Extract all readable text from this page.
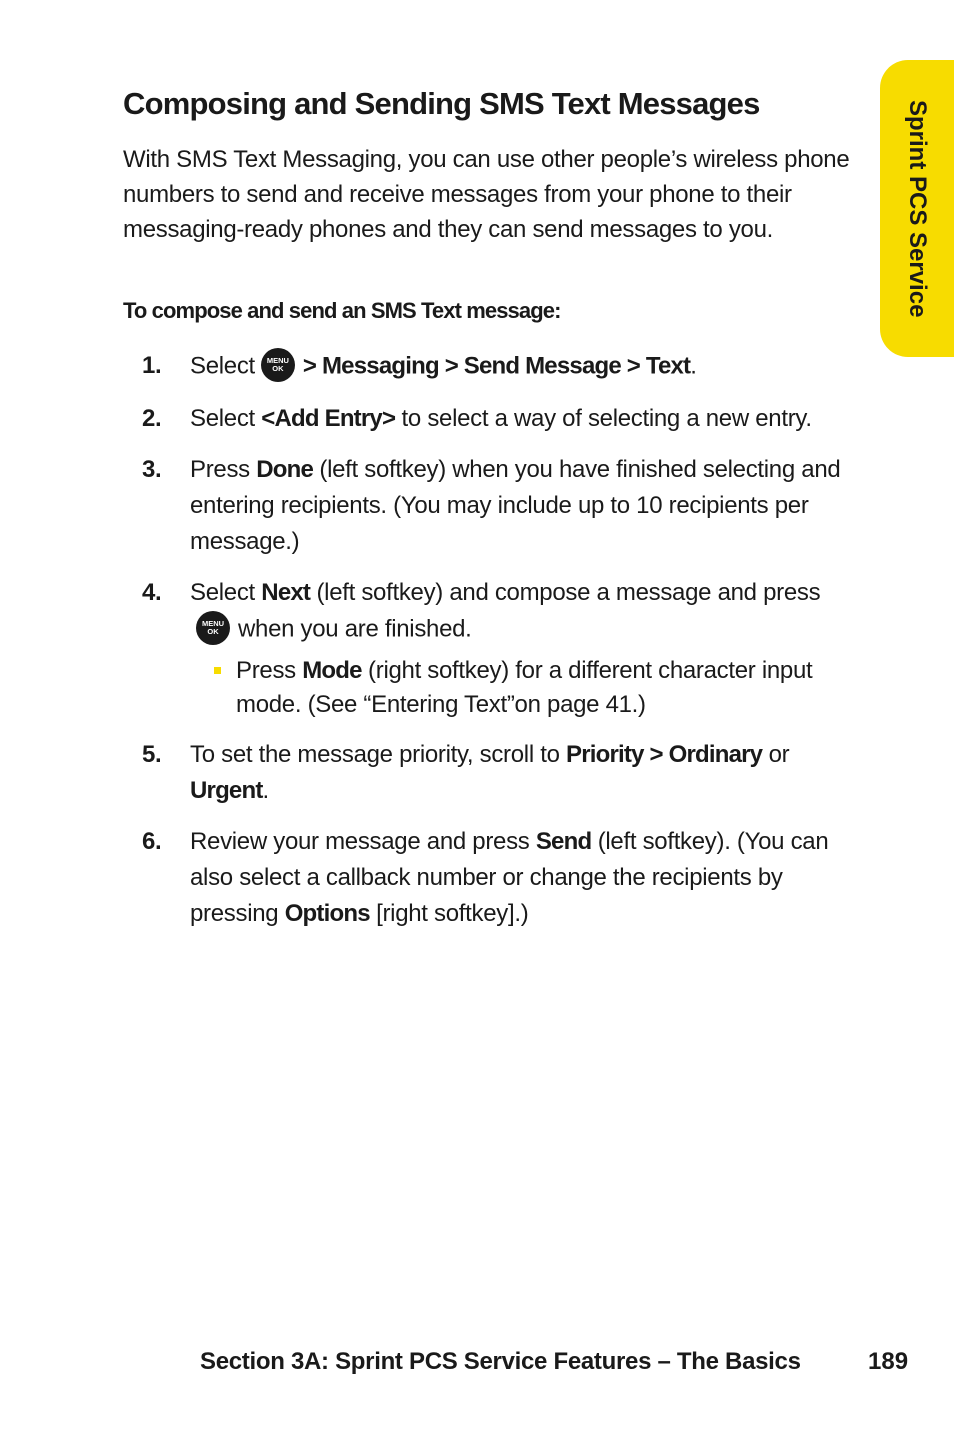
Sprint PCS Service
Composing and Sending SMS Text Messages

With SMS Text Messaging, you can use other people’s wireless phone numbers to send and receive messages from your phone to their messaging-ready phones and they can send messages to you.

To compose and send an SMS Text message:

1. Select MENU
OK > Messaging > Send Message > Text.
2. Select <Add Entry> to select a way of selecting a new entry.
3. Press Done (left softkey) when you have finished selecting and entering recipients. (You may include up to 10 recipients per message.)
4. Select Next (left softkey) and compose a message and press
MENU
OK when you are finished.
Press Mode (right softkey) for a different character input mode. (See “Entering Text”on page 41.)
5. To set the message priority, scroll to Priority > Ordinary or Urgent.
6. Review your message and press Send (left softkey). (You can also select a callback number or change the recipients by pressing Options [right softkey].)
Section 3A: Sprint PCS Service Features – The Basics	189
